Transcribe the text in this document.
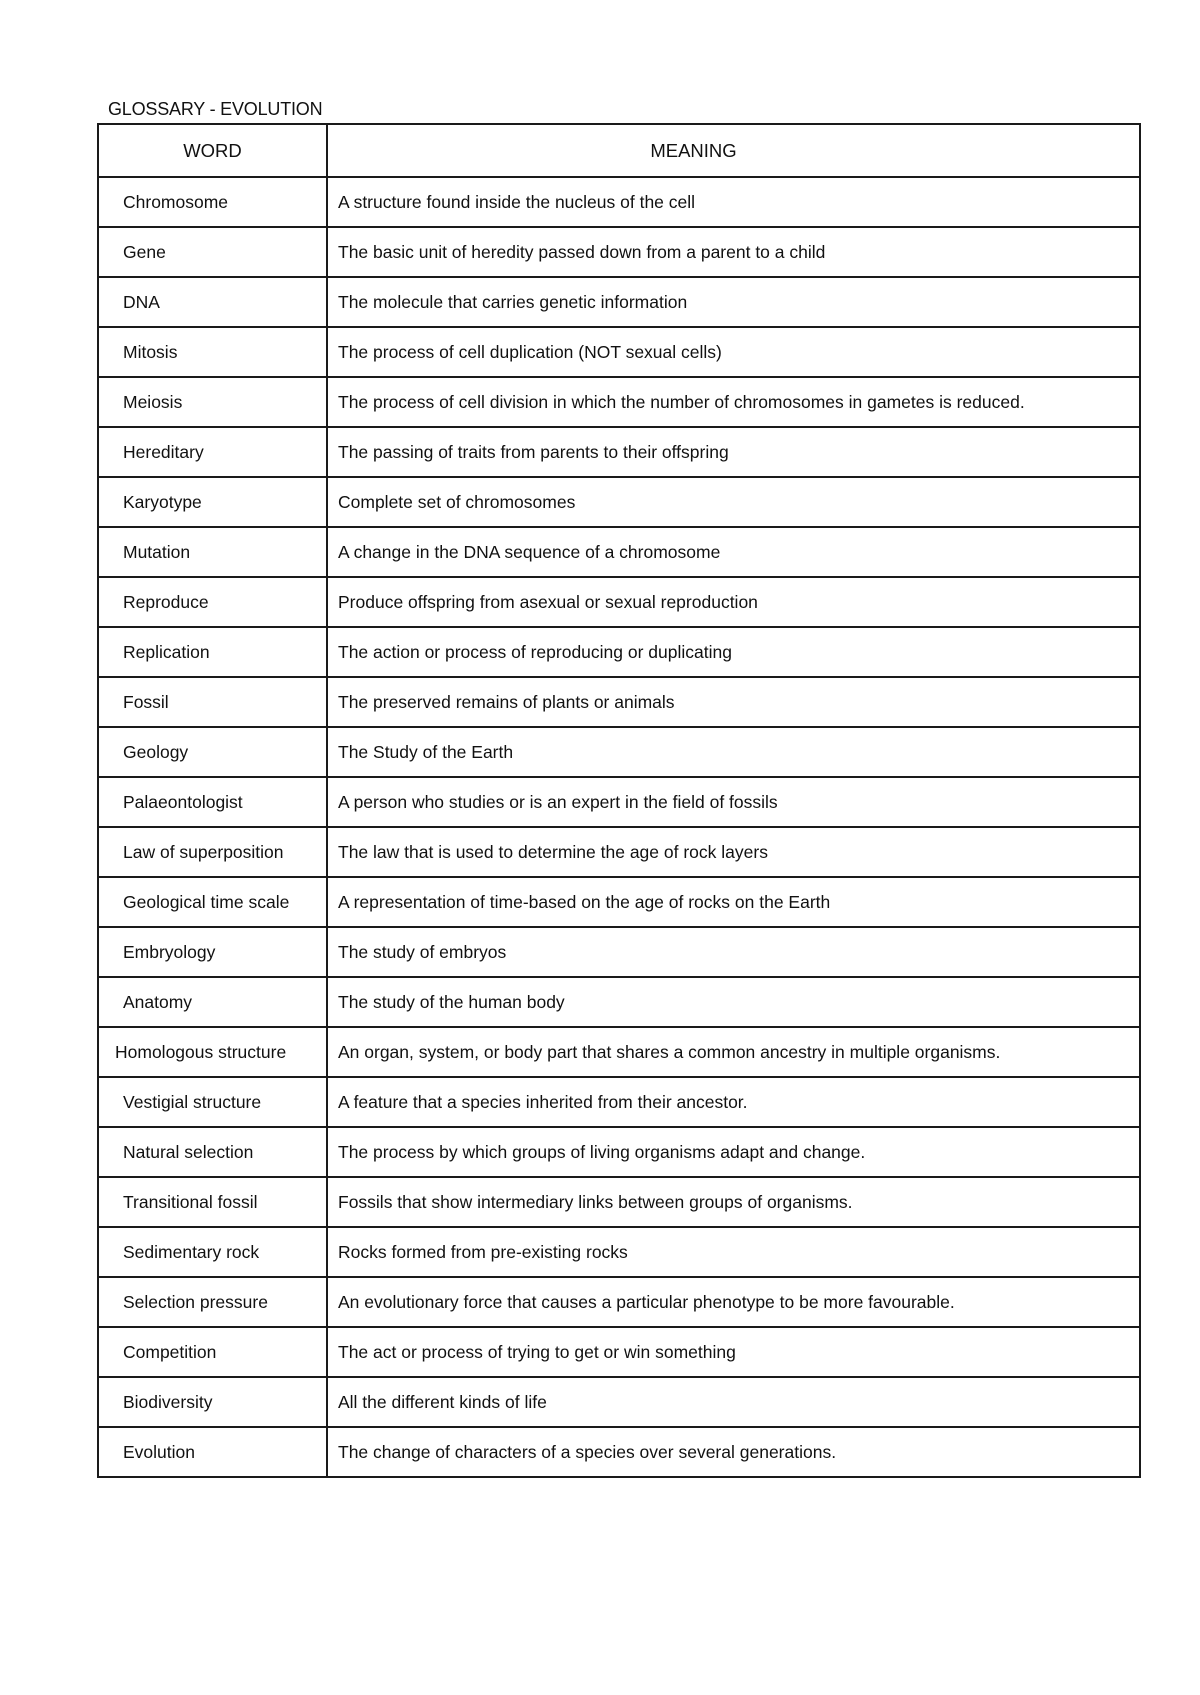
GLOSSARY - EVOLUTION
WORD	MEANING
Chromosome	A structure found inside the nucleus of the cell
Gene	The basic unit of heredity passed down from a parent to a child
DNA	The molecule that carries genetic information
Mitosis	The process of cell duplication (NOT sexual cells)
Meiosis	The process of cell division in which the number of chromosomes in gametes is reduced.
Hereditary	The passing of traits from parents to their offspring
Karyotype	Complete set of chromosomes
Mutation	A change in the DNA sequence of a chromosome
Reproduce	Produce offspring from asexual or sexual reproduction
Replication	The action or process of reproducing or duplicating
Fossil	The preserved remains of plants or animals
Geology	The Study of the Earth
Palaeontologist	A person who studies or is an expert in the field of fossils
Law of superposition	The law that is used to determine the age of rock layers
Geological time scale	A representation of time-based on the age of rocks on the Earth
Embryology	The study of embryos
Anatomy	The study of the human body
Homologous structure	An organ, system, or body part that shares a common ancestry in multiple organisms.
Vestigial structure	A feature that a species inherited from their ancestor.
Natural selection	The process by which groups of living organisms adapt and change.
Transitional fossil	Fossils that show intermediary links between groups of organisms.
Sedimentary rock	Rocks formed from pre-existing rocks
Selection pressure	An evolutionary force that causes a particular phenotype to be more favourable.
Competition	The act or process of trying to get or win something
Biodiversity	All the different kinds of life
Evolution	The change of characters of a species over several generations.
